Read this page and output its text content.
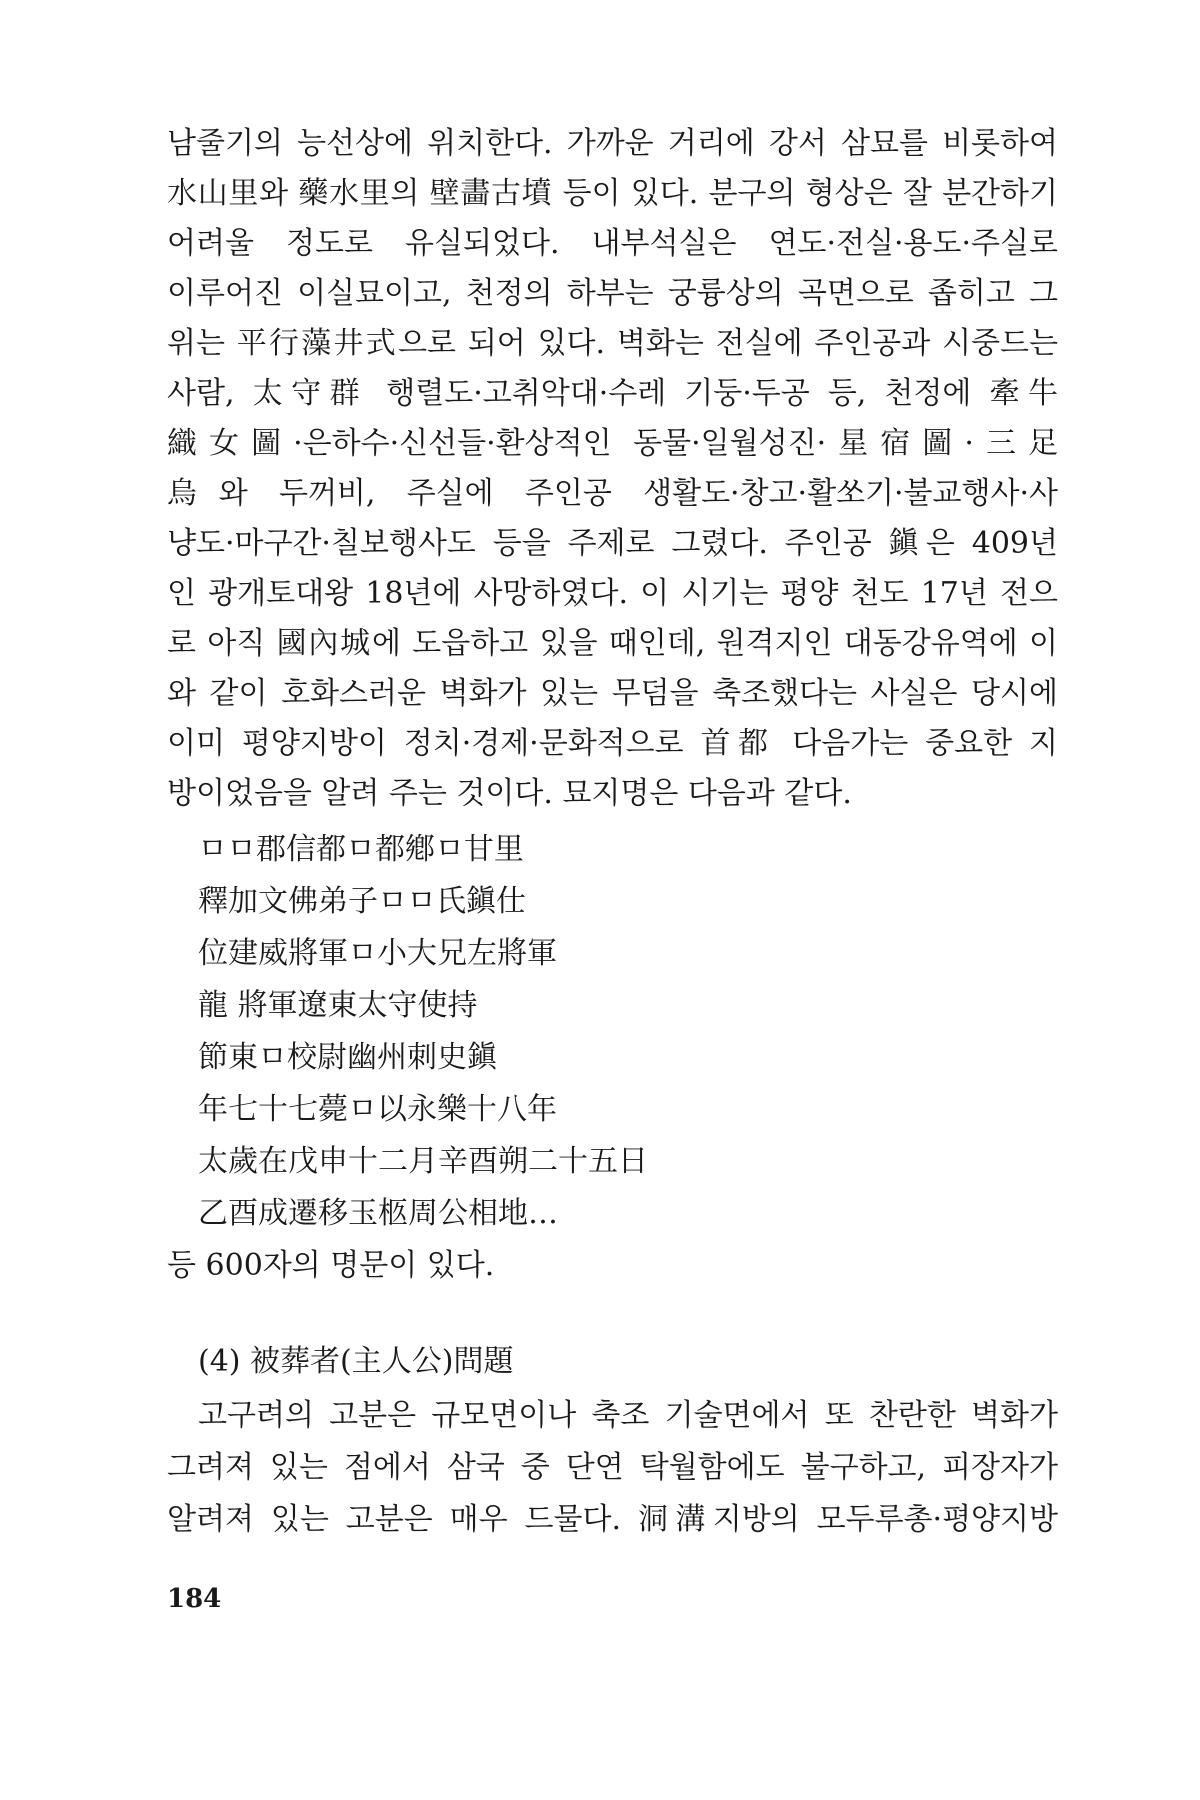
남줄기의 능선상에 위치한다. 가까운 거리에 강서 삼묘를 비롯하여
水山里와 藥水里의 壁畵古墳 등이 있다. 분구의 형상은 잘 분간하기
어려울 정도로 유실되었다. 내부석실은 연도·전실·용도·주실로
이루어진 이실묘이고, 천정의 하부는 궁륭상의 곡면으로 좁히고 그
위는 平行藻井式으로 되어 있다. 벽화는 전실에 주인공과 시중드는
사람, 太守群 행렬도·고취악대·수레 기둥·두공 등, 천정에 牽牛
織女圖·은하수·신선들·환상적인 동물·일월성진·星宿圖·三足
烏와 두꺼비, 주실에 주인공 생활도·창고·활쏘기·불교행사·사
냥도·마구간·칠보행사도 등을 주제로 그렸다. 주인공 鎭은 409년
인 광개토대왕 18년에 사망하였다. 이 시기는 평양 천도 17년 전으
로 아직 國內城에 도읍하고 있을 때인데, 원격지인 대동강유역에 이
와 같이 호화스러운 벽화가 있는 무덤을 축조했다는 사실은 당시에
이미 평양지방이 정치·경제·문화적으로 首都 다음가는 중요한 지
방이었음을 알려 주는 것이다. 묘지명은 다음과 같다.
ㅁㅁ郡信都ㅁ都鄕ㅁ甘里
釋加文佛弟子ㅁㅁ氏鎭仕
位建威將軍ㅁ小大兄左將軍
龍 將軍遼東太守使持
節東ㅁ校尉幽州刺史鎭
年七十七薨ㅁ以永樂十八年
太歲在戊申十二月辛酉朔二十五日
乙酉成遷移玉柩周公相地…
등 600자의 명문이 있다.
(4) 被葬者(主人公)問題
고구려의 고분은 규모면이나 축조 기술면에서 또 찬란한 벽화가
그려져 있는 점에서 삼국 중 단연 탁월함에도 불구하고, 피장자가
알려져 있는 고분은 매우 드물다. 洞溝지방의 모두루총·평양지방
184
